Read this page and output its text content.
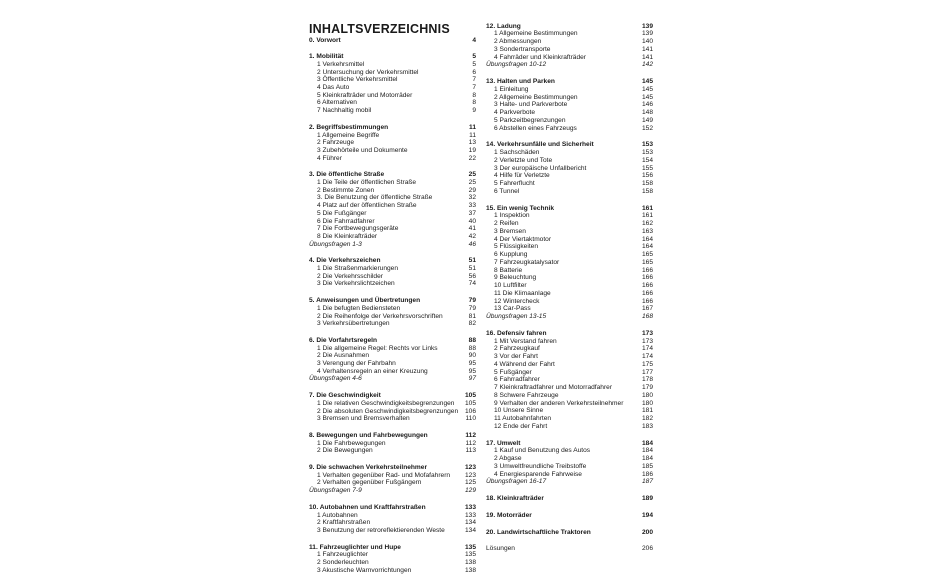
INHALTSVERZEICHNIS
0. Vorwort	4
1. Mobilität	5
1 Verkehrsmittel	5
2 Untersuchung der Verkehrsmittel	6
3 Öffentliche Verkehrsmittel	7
4 Das Auto	7
5 Kleinkrafträder und Motorräder	8
6 Alternativen	8
7 Nachhaltig mobil	9
2. Begriffsbestimmungen	11
1 Allgemeine Begriffe	11
2 Fahrzeuge	13
3 Zubehörteile und Dokumente	19
4 Führer	22
3. Die öffentliche Straße	25
1 Die Teile der öffentlichen Straße	25
2 Bestimmte Zonen	29
3. Die Benutzung der öffentliche Straße	32
4 Platz auf der öffentlichen Straße	33
5 Die Fußgänger	37
6 Die Fahrradfahrer	40
7 Die Fortbewegungsgeräte	41
8 Die Kleinkrafträder	42
Übungsfragen 1-3	46
4. Die Verkehrszeichen	51
1 Die Straßenmarkierungen	51
2 Die Verkehrsschilder	56
3 Die Verkehrslichtzeichen	74
5. Anweisungen und Übertretungen	79
1 Die befugten Bediensteten	79
2 Die Reihenfolge der Verkehrsvorschriften	81
3 Verkehrsübertretungen	82
6. Die Vorfahrtsregeln	88
1 Die allgemeine Regel: Rechts vor Links	88
2 Die Ausnahmen	90
3 Verengung der Fahrbahn	95
4 Verhaltensregeln an einer Kreuzung	95
Übungsfragen 4-6	97
7. Die Geschwindigkeit	105
1 Die relativen Geschwindigkeitsbegrenzungen 105
2 Die absoluten Geschwindigkeitsbegrenzungen 106
3 Bremsen und Bremsverhalten	110
8. Bewegungen und Fahrbewegungen	112
1 Die Fahrbewegungen	112
2 Die Bewegungen	113
9. Die schwachen Verkehrsteilnehmer	123
1 Verhalten gegenüber Rad- und Mofafahrern 123
2 Verhalten gegenüber Fußgängern	125
Übungsfragen 7-9	129
10. Autobahnen und Kraftfahrstraßen	133
1 Autobahnen	133
2 Kraftfahrstraßen	134
3 Benutzung der retroreflektierenden Weste	134
11. Fahrzeuglichter und Hupe	135
1 Fahrzeuglichter	135
2 Sonderleuchten	138
3 Akustische Warnvorrichtungen	138
12. Ladung	139
1 Allgemeine Bestimmungen	139
2 Abmessungen	140
3 Sondertransporte	141
4 Fahrräder und Kleinkrafträder	141
Übungsfragen 10-12	142
13. Halten und Parken	145
1 Einleitung	145
2 Allgemeine Bestimmungen	145
3 Halte- und Parkverbote	146
4 Parkverbote	148
5 Parkzeitbegrenzungen	149
6 Abstellen eines Fahrzeugs	152
14. Verkehrsunfälle und Sicherheit	153
1 Sachschäden	153
2 Verletzte und Tote	154
3 Der europäische Unfallbericht	155
4 Hilfe für Verletzte	156
5 Fahrerflucht	158
6 Tunnel	158
15. Ein wenig Technik	161
1 Inspektion	161
2 Reifen	162
3 Bremsen	163
4 Der Viertaktmotor	164
5 Flüssigkeiten	164
6 Kupplung	165
7 Fahrzeugkatalysator	165
8 Batterie	166
9 Beleuchtung	166
10 Luftfilter	166
11 Die Klimaanlage	166
12 Wintercheck	166
13 Car-Pass	167
Übungsfragen 13-15	168
16. Defensiv fahren	173
1 Mit Verstand fahren	173
2 Fahrzeugkauf	174
3 Vor der Fahrt	174
4 Während der Fahrt	175
5 Fußgänger	177
6 Fahrradfahrer	178
7 Kleinkraftradfahrer und Motorradfahrer	179
8 Schwere Fahrzeuge	180
9 Verhalten der anderen Verkehrsteilnehmer	180
10 Unsere Sinne	181
11 Autobahnfahrten	182
12 Ende der Fahrt	183
17. Umwelt	184
1 Kauf und Benutzung des Autos	184
2 Abgase	184
3 Umweltfreundliche Treibstoffe	185
4 Energiesparende Fahrweise	186
Übungsfragen 16-17	187
18. Kleinkrafträder	189
19. Motorräder	194
20. Landwirtschaftliche Traktoren	200
Lösungen	206
